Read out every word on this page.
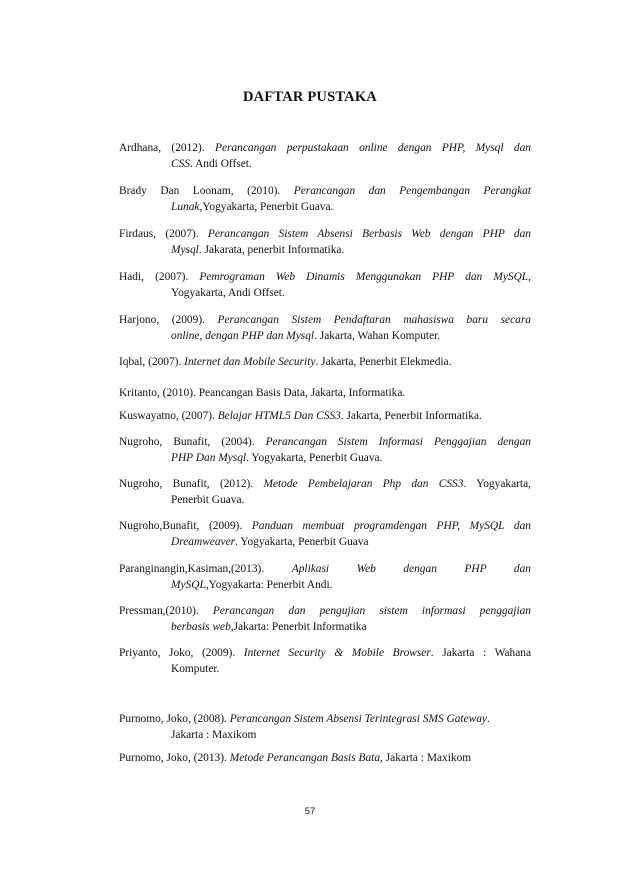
DAFTAR PUSTAKA
Ardhana, (2012). Perancangan perpustakaan online dengan PHP, Mysql dan
CSS. Andi Offset.
Brady Dan Loonam, (2010). Perancangan dan Pengembangan Perangkat
Lunak,Yogyakarta, Penerbit Guava.
Firdaus, (2007). Perancangan Sistem Absensi Berbasis Web dengan PHP dan
Mysql. Jakarata, penerbit Informatika.
Hadi, (2007). Pemrograman Web Dinamis Menggunakan PHP dan MySQL,
Yogyakarta, Andi Offset.
Harjono, (2009). Perancangan Sistem Pendaftaran mahasiswa baru secara
online, dengan PHP dan Mysql. Jakarta, Wahan Komputer.
Iqbal, (2007). Internet dan Mobile Security. Jakarta, Penerbit Elekmedia.
Kritanto, (2010). Peancangan Basis Data, Jakarta, Informatika.
Kuswayatno, (2007). Belajar HTML5 Dan CSS3. Jakarta, Penerbit Informatika.
Nugroho, Bunafit, (2004). Perancangan Sistem Informasi Penggajian dengan
PHP Dan Mysql. Yogyakarta, Penerbit Guava.
Nugroho, Bunafit, (2012). Metode Pembelajaran Php dan CSS3. Yogyakarta,
Penerbit Guava.
Nugroho,Bunafit, (2009). Panduan membuat programdengan PHP, MySQL dan
Dreamweaver. Yogyakarta, Penerbit Guava
Paranginangin,Kasiman,(2013). Aplikasi Web dengan PHP dan
MySQL,Yogyakarta: Penerbit Andi.
Pressman,(2010). Perancangan dan pengujian sistem informasi penggajian
berbasis web,Jakarta: Penerbit Informatika
Priyanto, Joko, (2009). Internet Security & Mobile Browser. Jakarta : Wahana
Komputer.
Purnomo, Joko, (2008). Perancangan Sistem Absensi Terintegrasi SMS Gateway.
Jakarta : Maxikom
Purnomo, Joko, (2013). Metode Perancangan Basis Bata, Jakarta : Maxikom
57
